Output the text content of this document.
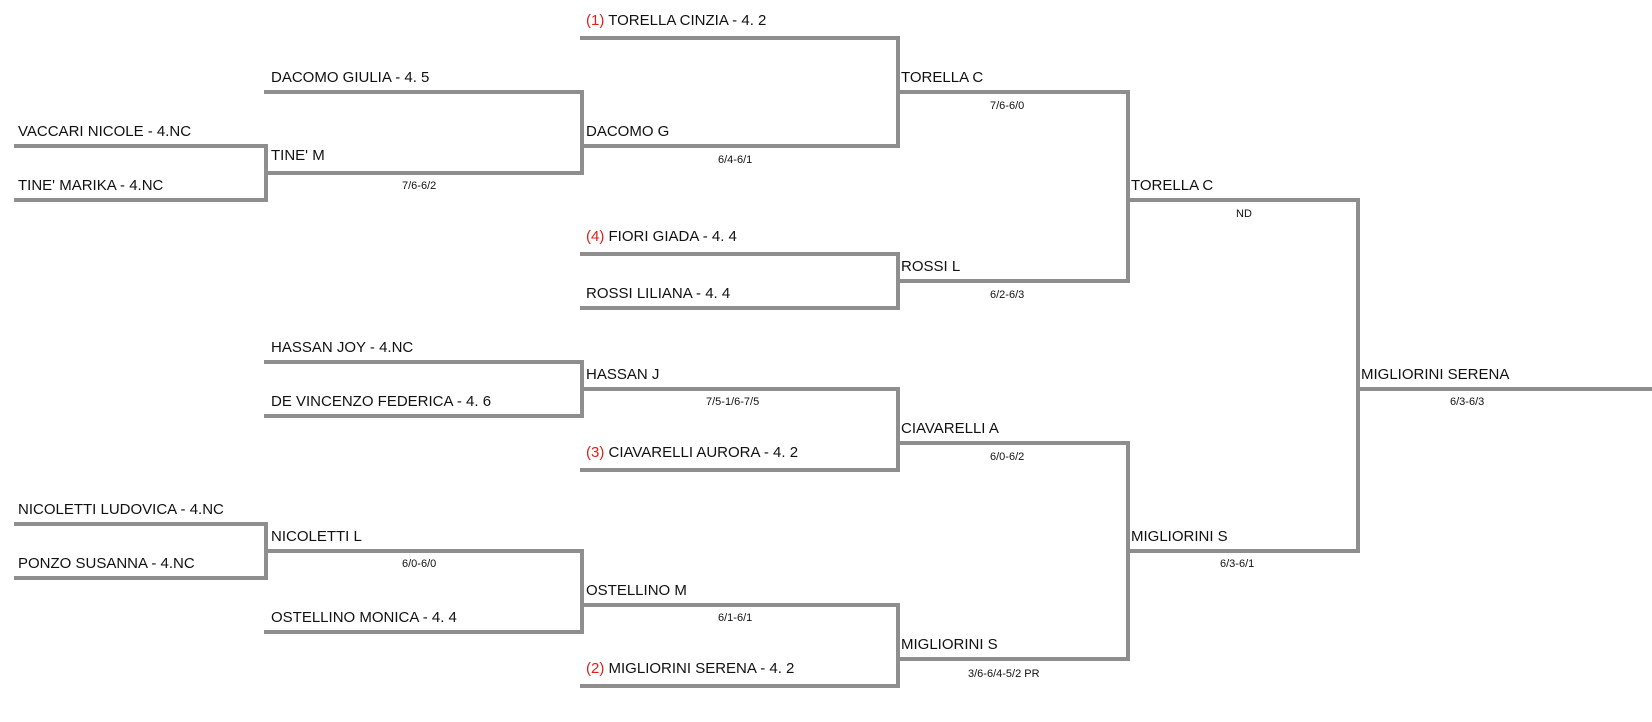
VACCARI NICOLE - 4.NC
TINE' MARIKA - 4.NC
NICOLETTI LUDOVICA - 4.NC
PONZO SUSANNA - 4.NC
DACOMO GIULIA - 4. 5
TINE' M
7/6-6/2
HASSAN JOY - 4.NC
DE VINCENZO FEDERICA - 4. 6
NICOLETTI L
6/0-6/0
OSTELLINO MONICA - 4. 4
(1) TORELLA CINZIA - 4. 2
DACOMO G
6/4-6/1
(4) FIORI GIADA - 4. 4
ROSSI LILIANA - 4. 4
HASSAN J
7/5-1/6-7/5
(3) CIAVARELLI AURORA - 4. 2
OSTELLINO M
6/1-6/1
(2) MIGLIORINI SERENA - 4. 2
TORELLA C
7/6-6/0
ROSSI L
6/2-6/3
CIAVARELLI A
6/0-6/2
MIGLIORINI S
3/6-6/4-5/2 PR
TORELLA C
ND
MIGLIORINI S
6/3-6/1
MIGLIORINI SERENA
6/3-6/3
